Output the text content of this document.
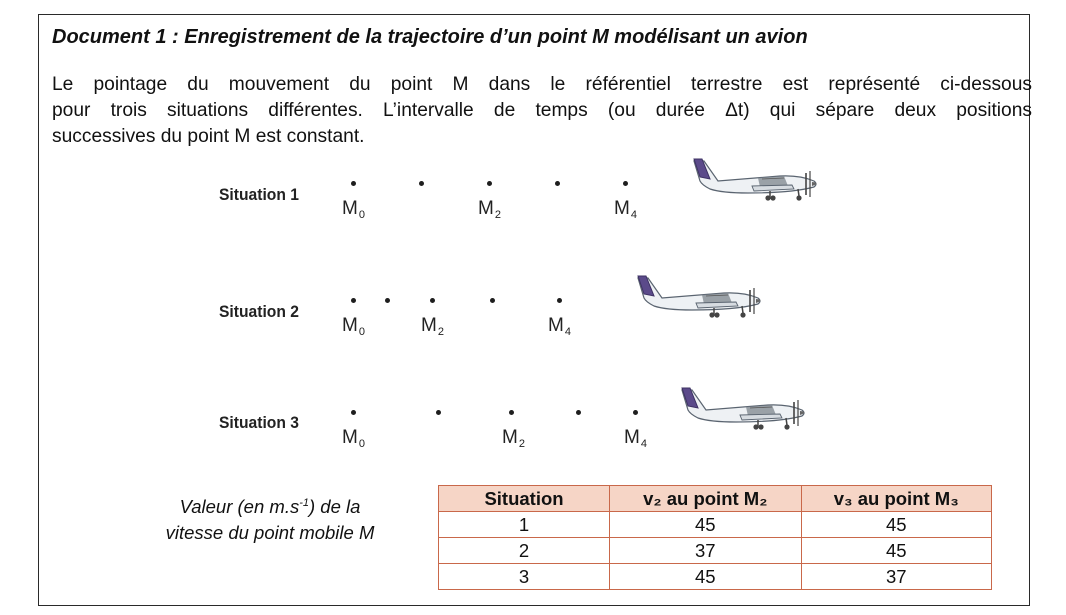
Document 1 : Enregistrement de la trajectoire d’un point M modélisant un avion
Le pointage du mouvement du point M dans le référentiel terrestre est représenté ci-dessous
pour trois situations différentes. L’intervalle de temps (ou durée Δt) qui sépare deux positions
successives du point M est constant.
Situation 1
$M_0$	$M_2$	$M_4$
Situation 2
$M_0$	$M_2$	$M_4$
Situation 3
$M_0$	$M_2$	$M_4$
Valeur (en $m.s^{-1}$) de la
vitesse du point mobile M
Situation	v₂ au point M₂	v₃ au point M₃
1	45	45
2	37	45
3	45	37
